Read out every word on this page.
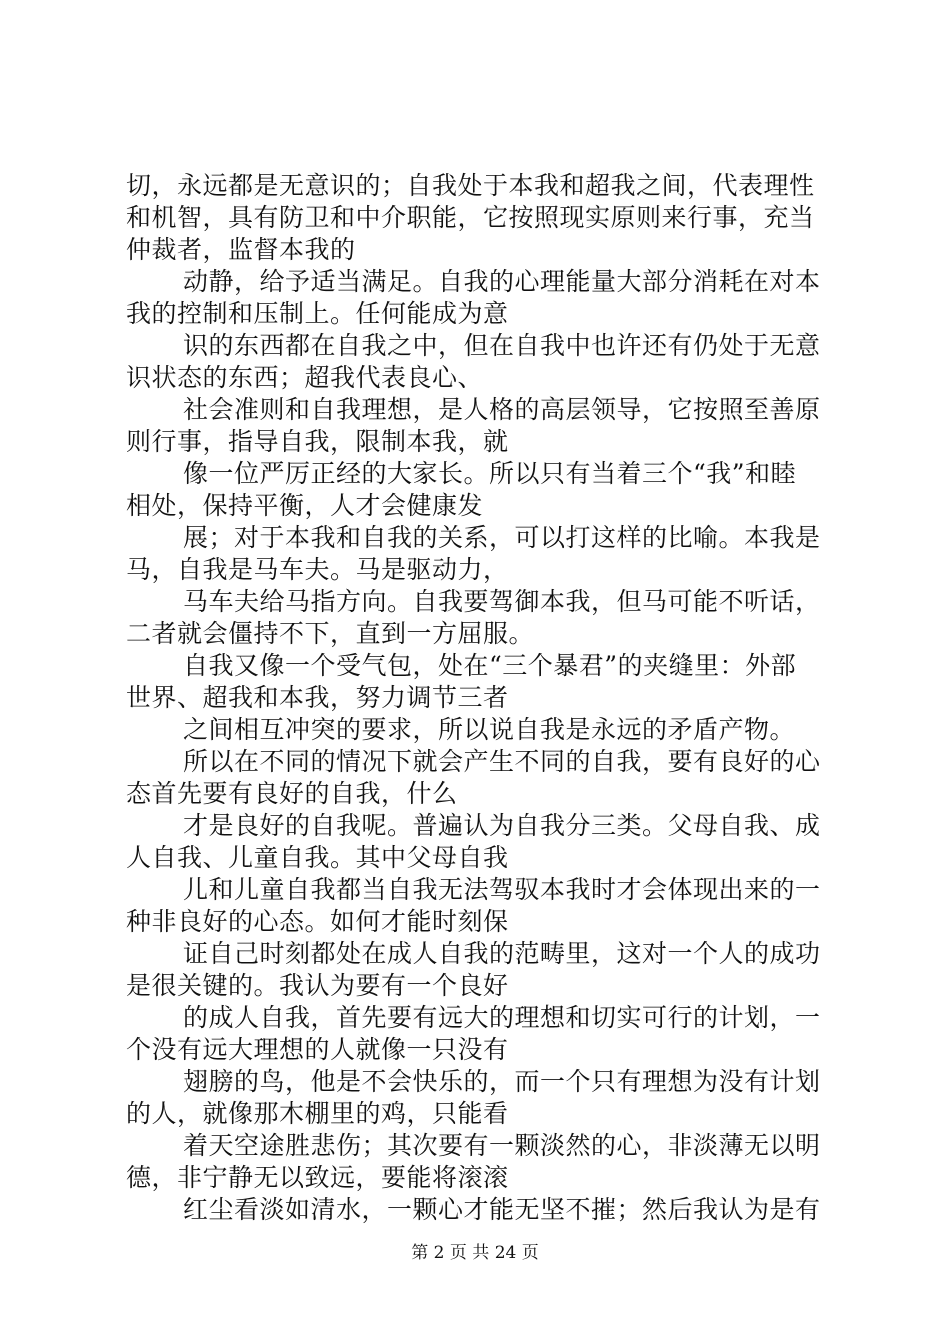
切，永远都是无意识的；自我处于本我和超我之间，代表理性
和机智，具有防卫和中介职能，它按照现实原则来行事，充当
仲裁者，监督本我的
动静，给予适当满足。自我的心理能量大部分消耗在对本
我的控制和压制上。任何能成为意
识的东西都在自我之中，但在自我中也许还有仍处于无意
识状态的东西；超我代表良心、
社会准则和自我理想，是人格的高层领导，它按照至善原
则行事，指导自我，限制本我，就
像一位严厉正经的大家长。所以只有当着三个“我”和睦
相处，保持平衡，人才会健康发
展；对于本我和自我的关系，可以打这样的比喻。本我是
马，自我是马车夫。马是驱动力，
马车夫给马指方向。自我要驾御本我，但马可能不听话，
二者就会僵持不下，直到一方屈服。
自我又像一个受气包，处在“三个暴君”的夹缝里：外部
世界、超我和本我，努力调节三者
之间相互冲突的要求，所以说自我是永远的矛盾产物。
所以在不同的情况下就会产生不同的自我，要有良好的心
态首先要有良好的自我，什么
才是良好的自我呢。普遍认为自我分三类。父母自我、成
人自我、儿童自我。其中父母自我
儿和儿童自我都当自我无法驾驭本我时才会体现出来的一
种非良好的心态。如何才能时刻保
证自己时刻都处在成人自我的范畴里，这对一个人的成功
是很关键的。我认为要有一个良好
的成人自我，首先要有远大的理想和切实可行的计划，一
个没有远大理想的人就像一只没有
翅膀的鸟，他是不会快乐的，而一个只有理想为没有计划
的人，就像那木棚里的鸡，只能看
着天空途胜悲伤；其次要有一颗淡然的心，非淡薄无以明
德，非宁静无以致远，要能将滚滚
红尘看淡如清水，一颗心才能无坚不摧；然后我认为是有
第 2 页 共 24 页
